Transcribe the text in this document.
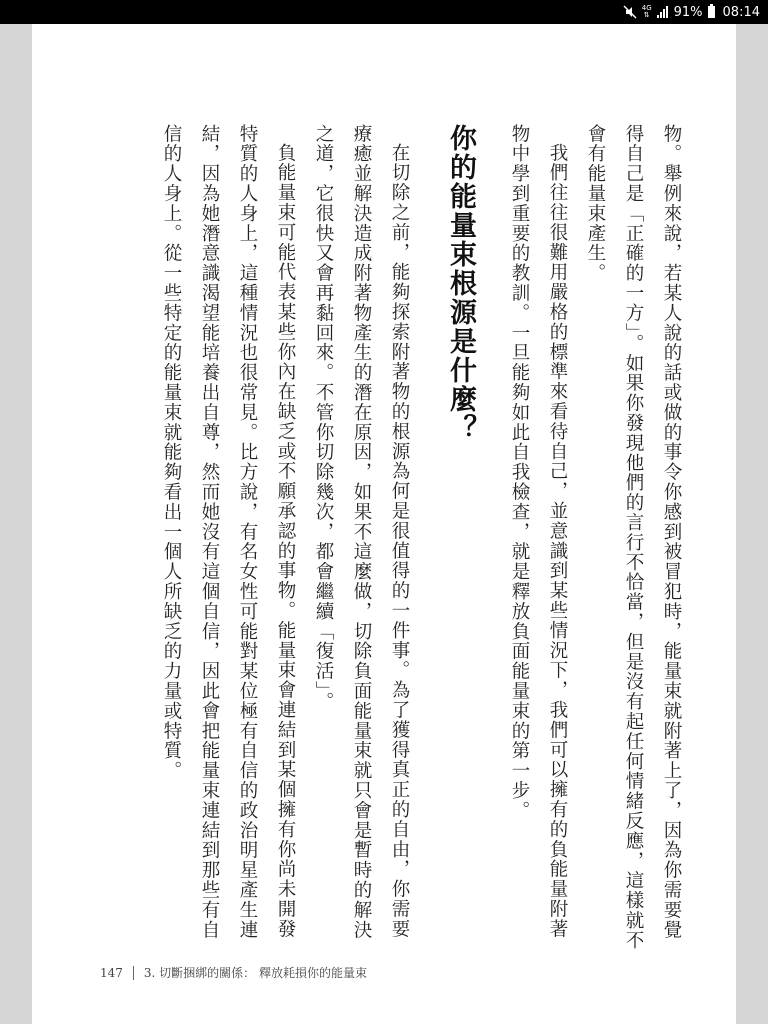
4G
⇅ 91% 08:14

物。舉例來說，若某人說的話或做的事令你感到被冒犯時，能量束就附著上了，因為你需要覺得自己是「正確的一方」。如果你發現他們的言行不恰當，但是沒有起任何情緒反應，這樣就不會有能量束產生。

我們往往很難用嚴格的標準來看待自己，並意識到某些情況下，我們可以擁有的負能量附著物中學到重要的教訓。一旦能夠如此自我檢查，就是釋放負面能量束的第一步。

你的能量束根源是什麼？

在切除之前，能夠探索附著物的根源為何是很值得的一件事。為了獲得真正的自由，你需要療癒並解決造成附著物產生的潛在原因，如果不這麼做，切除負面能量束就只會是暫時的解決之道，它很快又會再黏回來。不管你切除幾次，都會繼續「復活」。

負能量束可能代表某些你內在缺乏或不願承認的事物。能量束會連結到某個擁有你尚未開發特質的人身上，這種情況也很常見。比方說，有名女性可能對某位極有自信的政治明星產生連結，因為她潛意識渴望能培養出自尊，然而她沒有這個自信，因此會把能量束連結到那些有自信的人身上。從一些特定的能量束就能夠看出一個人所缺乏的力量或特質。

147 3. 切斷捆綁的關係： 釋放耗損你的能量束
